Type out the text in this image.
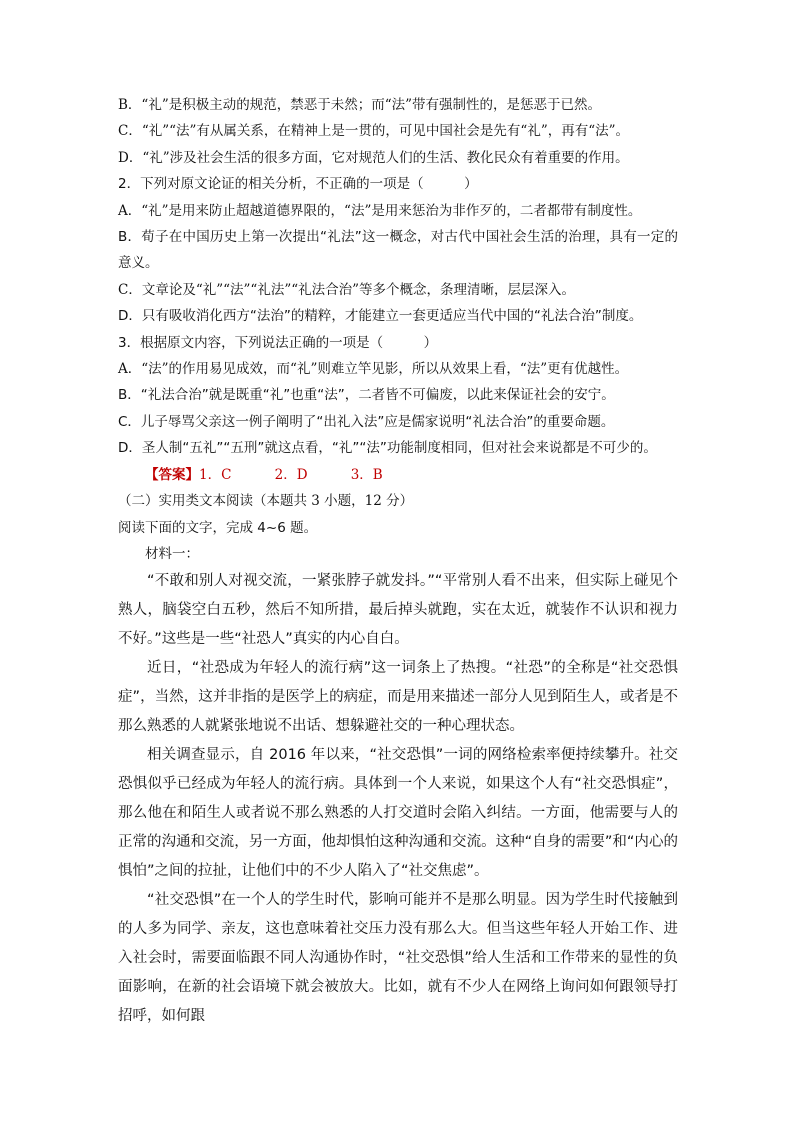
B．“礼”是积极主动的规范，禁恶于未然；而“法”带有强制性的，是惩恶于已然。
C．“礼”“法”有从属关系，在精神上是一贯的，可见中国社会是先有“礼”，再有“法”。
D．“礼”涉及社会生活的很多方面，它对规范人们的生活、教化民众有着重要的作用。
2．下列对原文论证的相关分析，不正确的一项是（　　　）
A．“礼”是用来防止超越道德界限的，“法”是用来惩治为非作歹的，二者都带有制度性。
B．荀子在中国历史上第一次提出“礼法”这一概念，对古代中国社会生活的治理，具有一定的意义。
C．文章论及“礼”“法”“礼法”“礼法合治”等多个概念，条理清晰，层层深入。
D．只有吸收消化西方“法治”的精粹，才能建立一套更适应当代中国的“礼法合治”制度。
3．根据原文内容，下列说法正确的一项是（　　　）
A．“法”的作用易见成效，而“礼”则难立竿见影，所以从效果上看，“法”更有优越性。
B．“礼法合治”就是既重“礼”也重“法”，二者皆不可偏废，以此来保证社会的安宁。
C．儿子辱骂父亲这一例子阐明了“出礼入法”应是儒家说明“礼法合治”的重要命题。
D．圣人制“五礼”“五刑”就这点看，“礼”“法”功能制度相同，但对社会来说都是不可少的。
【答案】1．C	2．D	3．B
（二）实用类文本阅读（本题共 3 小题，12 分）
阅读下面的文字，完成 4~6 题。
材料一：
“不敢和别人对视交流，一紧张脖子就发抖。”“平常别人看不出来，但实际上碰见个熟人，脑袋空白五秒，然后不知所措，最后掉头就跑，实在太近，就装作不认识和视力不好。”这些是一些“社恐人”真实的内心自白。
近日，“社恐成为年轻人的流行病”这一词条上了热搜。“社恐”的全称是“社交恐惧症”，当然，这并非指的是医学上的病症，而是用来描述一部分人见到陌生人，或者是不那么熟悉的人就紧张地说不出话、想躲避社交的一种心理状态。
相关调查显示，自 2016 年以来，“社交恐惧”一词的网络检索率便持续攀升。社交恐惧似乎已经成为年轻人的流行病。具体到一个人来说，如果这个人有“社交恐惧症”，那么他在和陌生人或者说不那么熟悉的人打交道时会陷入纠结。一方面，他需要与人的正常的沟通和交流，另一方面，他却惧怕这种沟通和交流。这种“自身的需要”和“内心的惧怕”之间的拉扯，让他们中的不少人陷入了“社交焦虑”。
“社交恐惧”在一个人的学生时代，影响可能并不是那么明显。因为学生时代接触到的人多为同学、亲友，这也意味着社交压力没有那么大。但当这些年轻人开始工作、进入社会时，需要面临跟不同人沟通协作时，“社交恐惧”给人生活和工作带来的显性的负面影响，在新的社会语境下就会被放大。比如，就有不少人在网络上询问如何跟领导打招呼，如何跟
